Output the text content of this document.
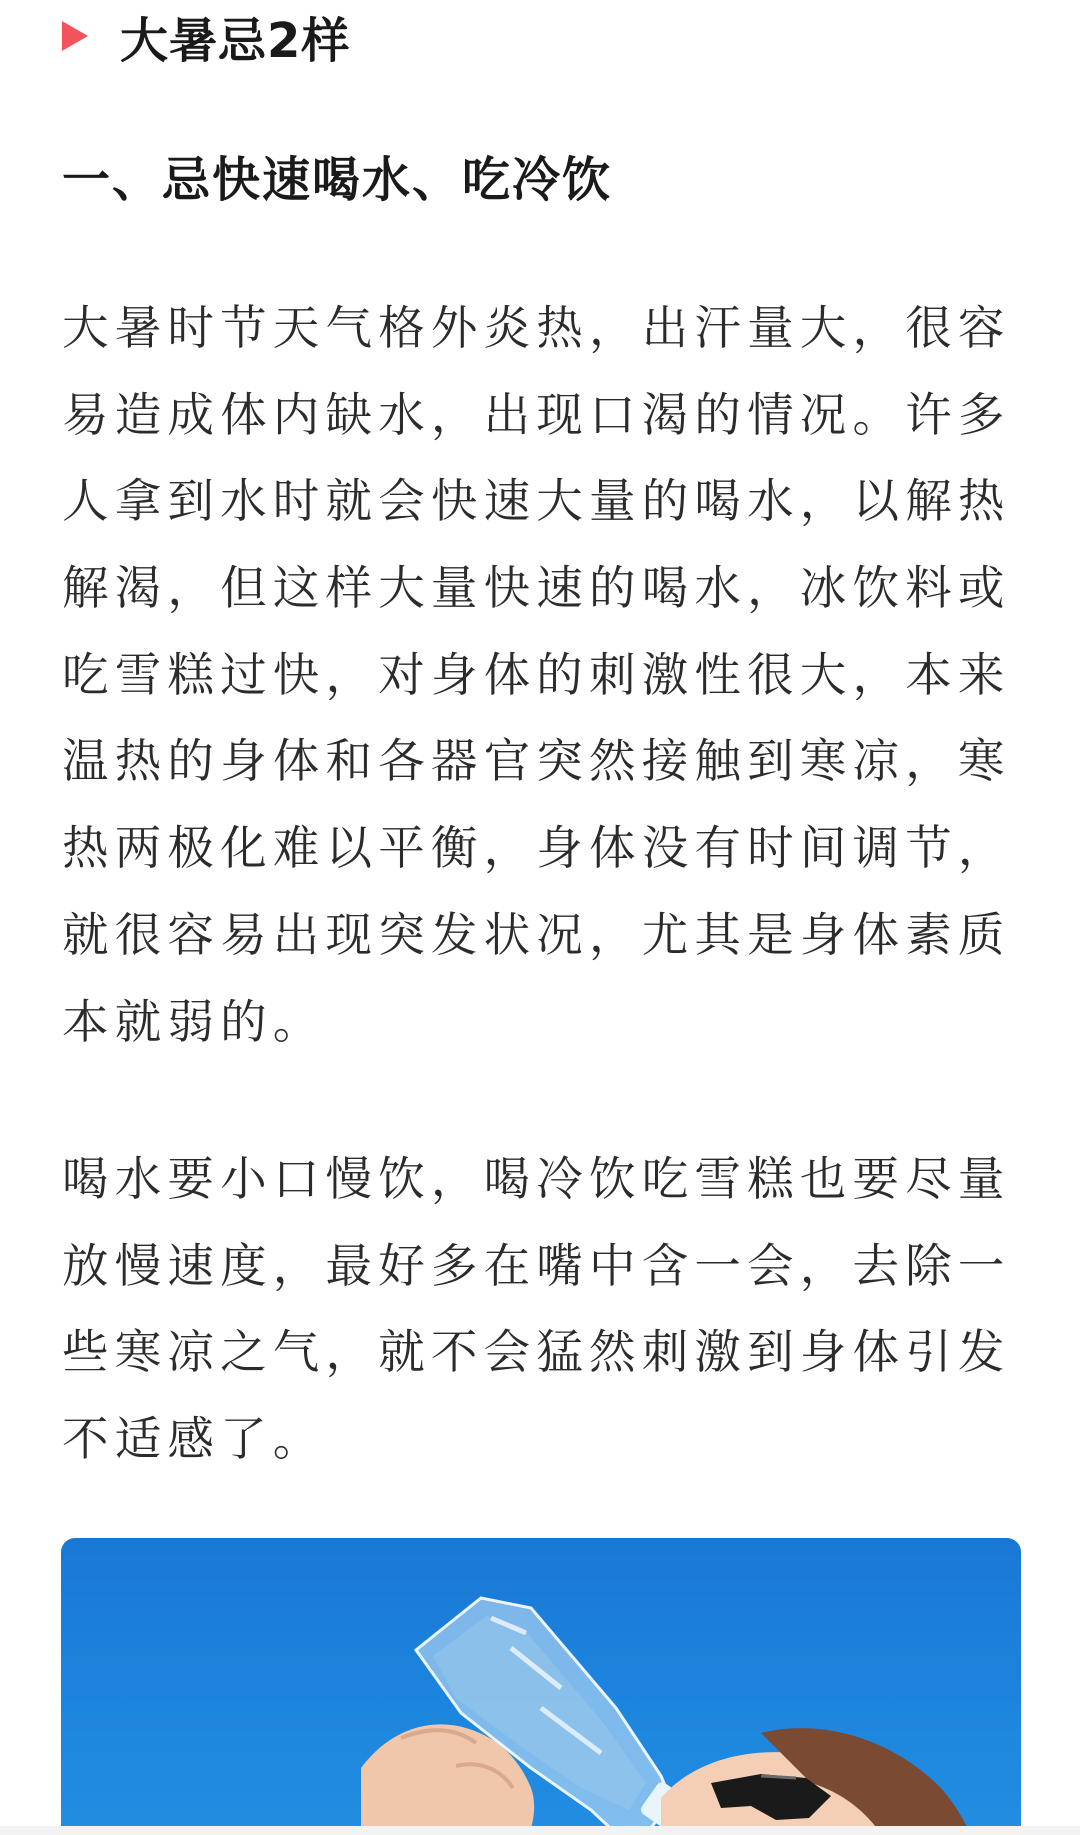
大暑忌2样
一、忌快速喝水、吃冷饮

大暑时节天气格外炎热，出汗量大，很容
易造成体内缺水，出现口渴的情况。许多
人拿到水时就会快速大量的喝水，以解热
解渴，但这样大量快速的喝水，冰饮料或
吃雪糕过快，对身体的刺激性很大，本来
温热的身体和各器官突然接触到寒凉，寒
热两极化难以平衡，身体没有时间调节，
就很容易出现突发状况，尤其是身体素质
本就弱的。

喝水要小口慢饮，喝冷饮吃雪糕也要尽量
放慢速度，最好多在嘴中含一会，去除一
些寒凉之气，就不会猛然刺激到身体引发
不适感了。
